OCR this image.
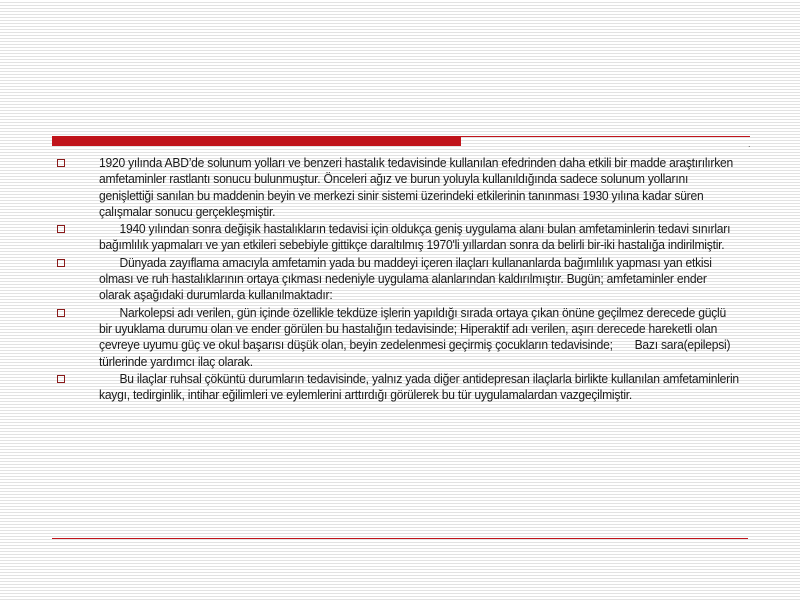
.
1920 yılında ABD’de solunum yolları ve benzeri hastalık tedavisinde kullanılan efedrinden daha etkili bir madde araştırılırken amfetaminler rastlantı sonucu bulunmuştur. Önceleri ağız ve burun yoluyla kullanıldığında sadece solunum yollarını genişlettiği sanılan bu maddenin beyin ve merkezi sinir sistemi üzerindeki etkilerinin tanınması 1930 yılına kadar süren çalışmalar sonucu gerçekleşmiştir.
1940 yılından sonra değişik hastalıkların tedavisi için oldukça geniş uygulama alanı bulan amfetaminlerin tedavi sınırları bağımlılık yapmaları ve yan etkileri sebebiyle gittikçe daraltılmış 1970'li yıllardan sonra da belirli bir-iki hastalığa indirilmiştir.
Dünyada zayıflama amacıyla amfetamin yada bu maddeyi içeren ilaçları kullananlarda bağımlılık yapması yan etkisi olması ve ruh hastalıklarının ortaya çıkması nedeniyle uygulama alanlarından kaldırılmıştır. Bugün; amfetaminler ender olarak aşağıdaki durumlarda kullanılmaktadır:
Narkolepsi adı verilen, gün içinde özellikle tekdüze işlerin yapıldığı sırada ortaya çıkan önüne geçilmez derecede güçlü bir uyuklama durumu olan ve ender görülen bu hastalığın tedavisinde; Hiperaktif adı verilen, aşırı derecede hareketli olan çevreye uyumu güç ve okul başarısı düşük olan, beyin zedelenmesi geçirmiş çocukların tedavisinde;       Bazı sara(epilepsi) türlerinde yardımcı ilaç olarak.
Bu ilaçlar ruhsal çöküntü durumların tedavisinde, yalnız yada diğer antidepresan ilaçlarla birlikte kullanılan amfetaminlerin kaygı, tedirginlik, intihar eğilimleri ve eylemlerini arttırdığı görülerek bu tür uygulamalardan vazgeçilmiştir.
